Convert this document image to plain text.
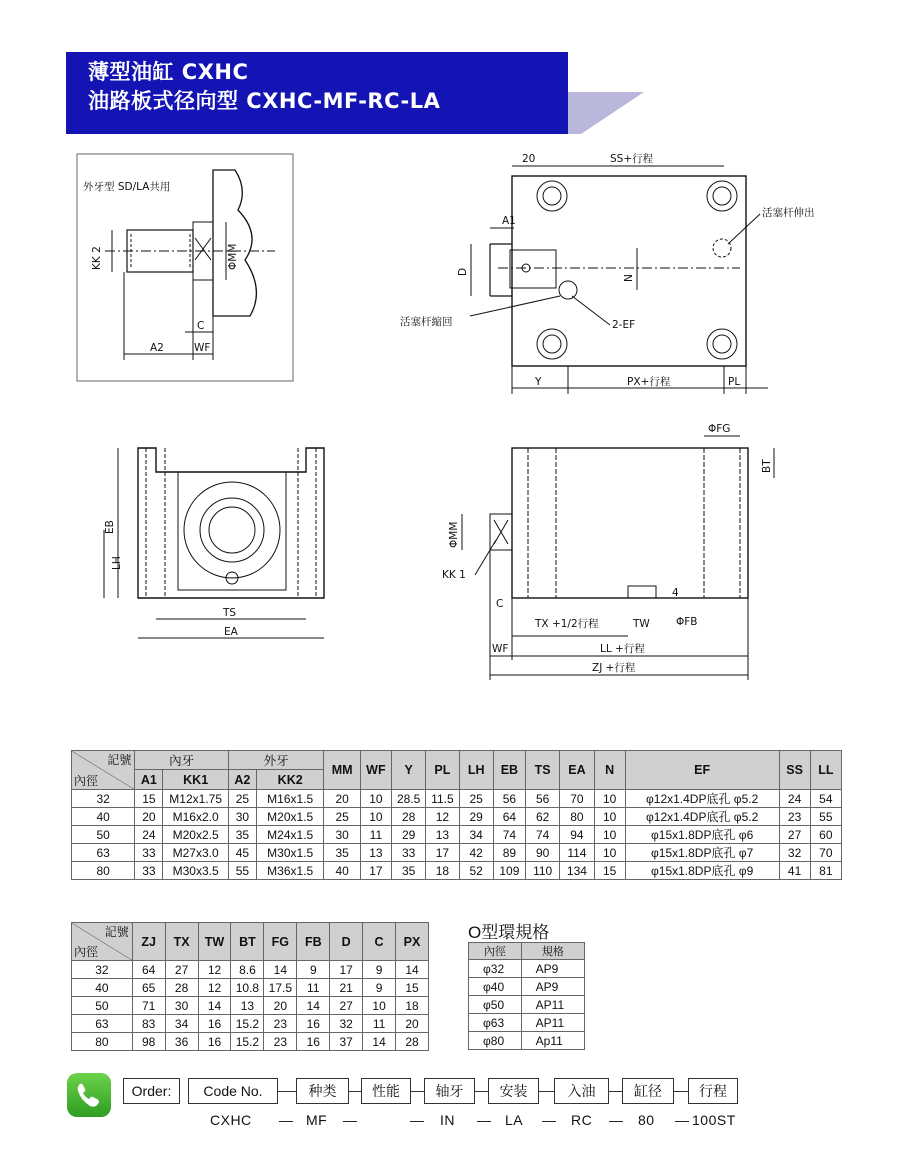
薄型油缸 CXHC
油路板式径向型 CXHC-MF-RC-LA
外牙型 SD/LA共用
KK 2	ΦMM
C
A2	WF
20	SS+行程
A1
D
N
活塞杆伸出
活塞杆縮回	2-EF
Y	PX+行程	PL
EB
LH
TS
EA
ΦFG
BT
ΦMM
KK 1
C
TX +1/2行程	TW ΦFB
4
WF	LL +行程
ZJ +行程
記號
內徑	內牙		外牙		MM	WF	Y	PL	LH	EB	TS	EA	N	EF	SS	LL
	A1	KK1	A2	KK2												
32	15	M12x1.75	25	M16x1.5	20	10	28.5	11.5	25	56	56	70	10	φ12x1.4DP底孔 φ5.2	24	54
40	20	M16x2.0	30	M20x1.5	25	10	28	12	29	64	62	80	10	φ12x1.4DP底孔 φ5.2	23	55
50	24	M20x2.5	35	M24x1.5	30	11	29	13	34	74	74	94	10	φ15x1.8DP底孔 φ6	27	60
63	33	M27x3.0	45	M30x1.5	35	13	33	17	42	89	90	114	10	φ15x1.8DP底孔 φ7	32	70
80	33	M30x3.5	55	M36x1.5	40	17	35	18	52	109	110	134	15	φ15x1.8DP底孔 φ9	41	81
記號
內徑	ZJ	TX	TW	BT	FG	FB	D	C	PX
32	64	27	12	8.6	14	9	17	9	14
40	65	28	12	10.8	17.5	11	21	9	15
50	71	30	14	13	20	14	27	10	18
63	83	34	16	15.2	23	16	32	11	20
80	98	36	16	15.2	23	16	37	14	28
O型環規格
內徑	規格
φ32	AP9
φ40	AP9
φ50	AP11
φ63	AP11
φ80	Ap11
Order:	Code No.	种类	性能	轴牙	安装	入油	缸径	行程
CXHC	MF	IN	LA	RC	80	100ST
—	—	—	—	—	—	—
